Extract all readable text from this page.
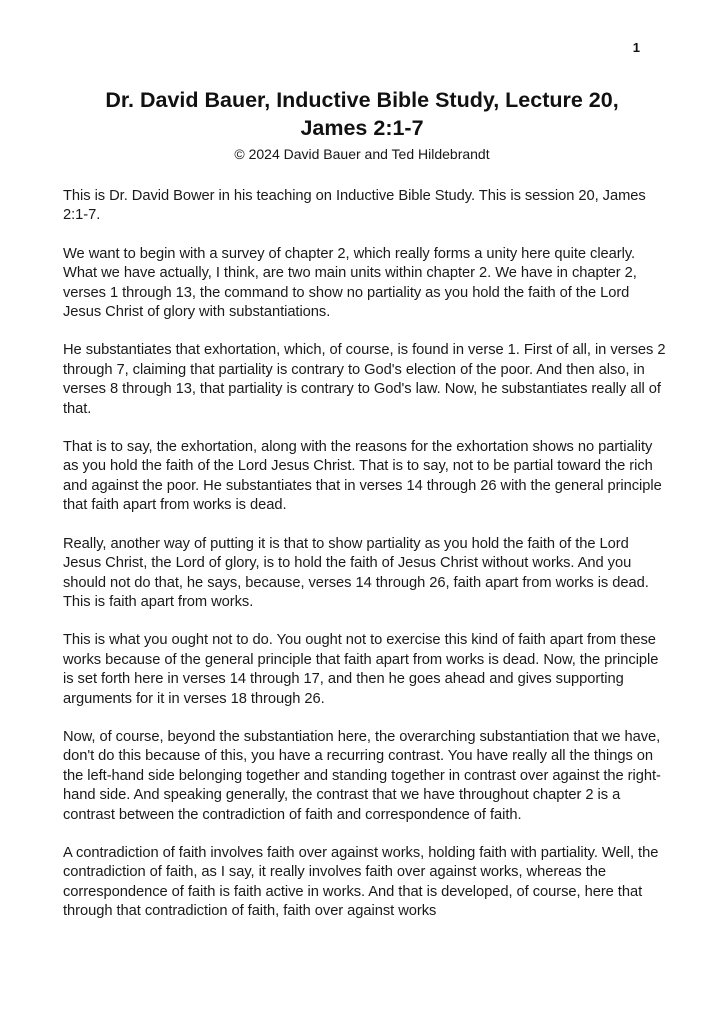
1
Dr. David Bauer, Inductive Bible Study, Lecture 20,
James 2:1-7
© 2024 David Bauer and Ted Hildebrandt

This is Dr. David Bower in his teaching on Inductive Bible Study. This is session 20, James 2:1-7.

We want to begin with a survey of chapter 2, which really forms a unity here quite clearly. What we have actually, I think, are two main units within chapter 2. We have in chapter 2, verses 1 through 13, the command to show no partiality as you hold the faith of the Lord Jesus Christ of glory with substantiations.

He substantiates that exhortation, which, of course, is found in verse 1. First of all, in verses 2 through 7, claiming that partiality is contrary to God's election of the poor. And then also, in verses 8 through 13, that partiality is contrary to God's law. Now, he substantiates really all of that.

That is to say, the exhortation, along with the reasons for the exhortation shows no partiality as you hold the faith of the Lord Jesus Christ. That is to say, not to be partial toward the rich and against the poor. He substantiates that in verses 14 through 26 with the general principle that faith apart from works is dead.

Really, another way of putting it is that to show partiality as you hold the faith of the Lord Jesus Christ, the Lord of glory, is to hold the faith of Jesus Christ without works. And you should not do that, he says, because, verses 14 through 26, faith apart from works is dead. This is faith apart from works.

This is what you ought not to do. You ought not to exercise this kind of faith apart from these works because of the general principle that faith apart from works is dead. Now, the principle is set forth here in verses 14 through 17, and then he goes ahead and gives supporting arguments for it in verses 18 through 26.

Now, of course, beyond the substantiation here, the overarching substantiation that we have, don't do this because of this, you have a recurring contrast. You have really all the things on the left-hand side belonging together and standing together in contrast over against the right-hand side. And speaking generally, the contrast that we have throughout chapter 2 is a contrast between the contradiction of faith and correspondence of faith.

A contradiction of faith involves faith over against works, holding faith with partiality. Well, the contradiction of faith, as I say, it really involves faith over against works, whereas the correspondence of faith is faith active in works. And that is developed, of course, here that through that contradiction of faith, faith over against works
